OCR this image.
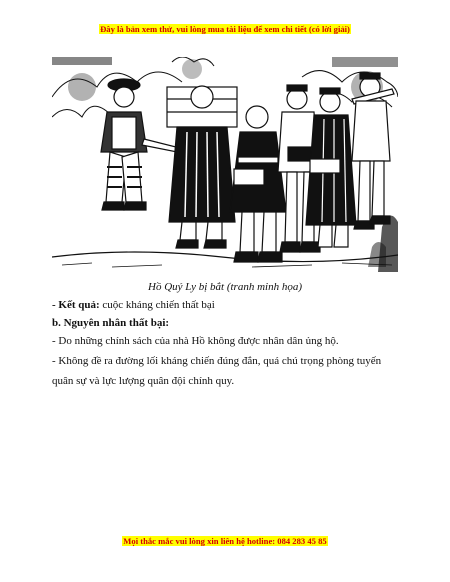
Đây là bản xem thử, vui lòng mua tài liệu để xem chi tiết (có lời giải)
Hồ Quý Ly bị bắt (tranh minh họa)
- Kết quả: cuộc kháng chiến thất bại
b. Nguyên nhân thất bại:
- Do những chính sách của nhà Hồ không được nhân dân ủng hộ.
- Không đề ra đường lối kháng chiến đúng đắn, quá chú trọng phòng tuyến quân sự và lực lượng quân đội chính quy.
Mọi thắc mắc vui lòng xin liên hệ hotline: 084 283 45 85
